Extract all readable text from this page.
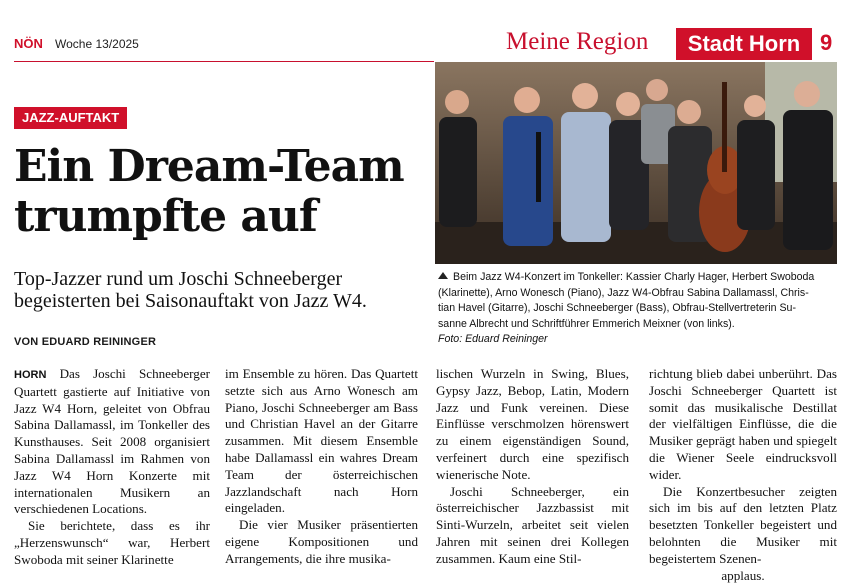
NÖN Woche 13/2025	Meine Region	Stadt Horn 9
JAZZ-AUFTAKT
Ein Dream-Team
trumpfte auf

Top-Jazzer rund um Joschi Schneeberger
begeisterten bei Saisonauftakt von Jazz W4.

VON EDUARD REININGER
Beim Jazz W4-Konzert im Tonkeller: Kassier Charly Hager, Herbert Swoboda
(Klarinette), Arno Wonesch (Piano), Jazz W4-Obfrau Sabina Dallamassl, Chris-
tian Havel (Gitarre), Joschi Schneeberger (Bass), Obfrau-Stellvertreterin Su-
sanne Albrecht und Schriftführer Emmerich Meixner (von links).
Foto: Eduard Reininger

HORN Das Joschi Schneeberger Quartett gastierte auf Initiative von Jazz W4 Horn, geleitet von Obfrau Sabina Dallamassl, im Tonkeller des Kunsthauses. Seit 2008 organisiert Sabina Dallamassl im Rahmen von Jazz W4 Horn Konzerte mit internationalen Musikern an verschiedenen Locations.

Sie berichtete, dass es ihr „Herzenswunsch“ war, Herbert Swoboda mit seiner Klarinette

im Ensemble zu hören. Das Quartett setzte sich aus Arno Wonesch am Piano, Joschi Schneeberger am Bass und Christian Havel an der Gitarre zusammen. Mit diesem Ensemble habe Dallamassl ein wahres Dream Team der österreichischen Jazzlandschaft nach Horn eingeladen.

Die vier Musiker präsentierten eigene Kompositionen und Arrangements, die ihre musika-

lischen Wurzeln in Swing, Blues, Gypsy Jazz, Bebop, Latin, Modern Jazz und Funk vereinen. Diese Einflüsse verschmolzen hörenswert zu einem eigenständigen Sound, verfeinert durch eine spezifisch wienerische Note.

Joschi Schneeberger, ein österreichischer Jazzbassist mit Sinti-Wurzeln, arbeitet seit vielen Jahren mit seinen drei Kollegen zusammen. Kaum eine Stil-

richtung blieb dabei unberührt. Das Joschi Schneeberger Quartett ist somit das musikalische Destillat der vielfältigen Einflüsse, die die Musiker geprägt haben und spiegelt die Wiener Seele eindrucksvoll wider.

Die Konzertbesucher zeigten sich im bis auf den letzten Platz besetzten Tonkeller begeistert und belohnten die Musiker mit begeistertem Szenen-

applaus.
